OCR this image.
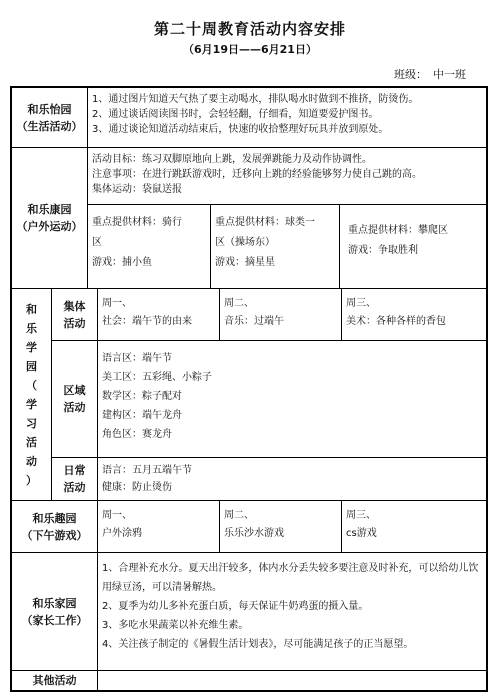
第二十周教育活动内容安排
（6月19日——6月21日）
班级： 中一班
和乐怡园
（生活活动）
1、通过图片知道天气热了要主动喝水，排队喝水时做到不推挤，防烫伤。
2、通过谈话阅读图书时，会轻轻翻，仔细看，知道要爱护图书。
3、通过谈论知道活动结束后，快速的收拾整理好玩具并放到原处。
和乐康园
（户外运动）
活动目标：练习双脚原地向上跳，发展弹跳能力及动作协调性。
注意事项：在进行跳跃游戏时，迁移向上跳的经验能够努力使自己跳的高。
集体运动：袋鼠送报
重点提供材料：骑行
区
游戏：捕小鱼
重点提供材料：球类一
区（操场东）
游戏：摘星星
重点提供材料：攀爬区
游戏：争取胜利
和
乐
学
园
（
学
习
活
动
）
集体
活动
周一、
社会：端午节的由来
周二、
音乐：过端午
周三、
美术：各种各样的香包
区域
活动
语言区：端午节
美工区：五彩绳、小粽子
数学区：粽子配对
建构区：端午龙舟
角色区：赛龙舟
日常
活动
语言：五月五端午节
健康：防止烫伤
和乐趣园
（下午游戏）
周一、
户外涂鸦
周二、
乐乐沙水游戏
周三、
cs游戏
和乐家园
（家长工作）
1、合理补充水分。夏天出汗较多，体内水分丢失较多要注意及时补充，可以给幼儿饮用绿豆汤，可以清暑解热。
2、夏季为幼儿多补充蛋白质，每天保证牛奶鸡蛋的摄入量。
3、多吃水果蔬菜以补充维生素。
4、关注孩子制定的《暑假生活计划表》，尽可能满足孩子的正当愿望。
其他活动
